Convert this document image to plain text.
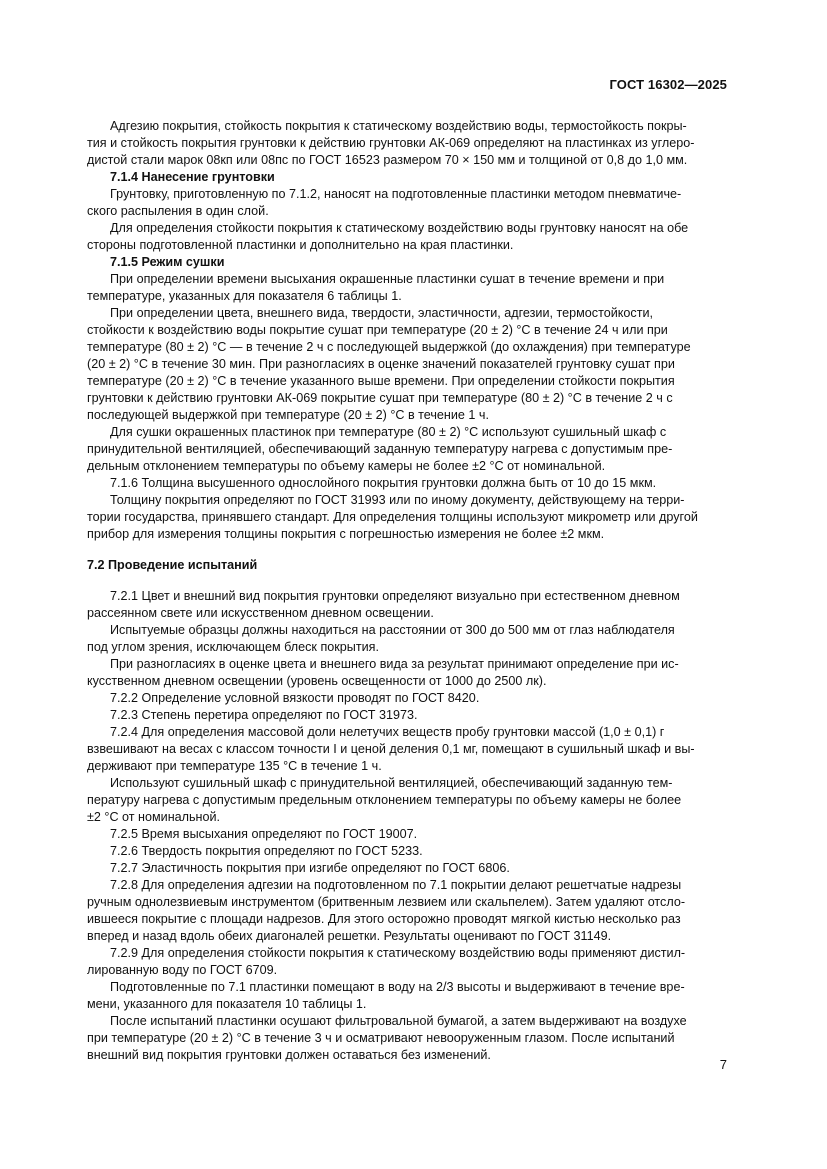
ГОСТ 16302—2025

Адгезию покрытия, стойкость покрытия к статическому воздействию воды, термостойкость покры-
тия и стойкость покрытия грунтовки к действию грунтовки АК-069 определяют на пластинках из углеро-
дистой стали марок 08кп или 08пс по ГОСТ 16523 размером 70 × 150 мм и толщиной от 0,8 до 1,0 мм.

7.1.4 Нанесение грунтовки

Грунтовку, приготовленную по 7.1.2, наносят на подготовленные пластинки методом пневматиче-
ского распыления в один слой.

Для определения стойкости покрытия к статическому воздействию воды грунтовку наносят на обе
стороны подготовленной пластинки и дополнительно на края пластинки.

7.1.5 Режим сушки

При определении времени высыхания окрашенные пластинки сушат в течение времени и при
температуре, указанных для показателя 6 таблицы 1.

При определении цвета, внешнего вида, твердости, эластичности, адгезии, термостойкости,
стойкости к воздействию воды покрытие сушат при температуре (20 ± 2) °С в течение 24 ч или при
температуре (80 ± 2) °С — в течение 2 ч с последующей выдержкой (до охлаждения) при температуре
(20 ± 2) °С в течение 30 мин. При разногласиях в оценке значений показателей грунтовку сушат при
температуре (20 ± 2) °С в течение указанного выше времени. При определении стойкости покрытия
грунтовки к действию грунтовки АК-069 покрытие сушат при температуре (80 ± 2) °С в течение 2 ч с
последующей выдержкой при температуре (20 ± 2) °С в течение 1 ч.

Для сушки окрашенных пластинок при температуре (80 ± 2) °С используют сушильный шкаф с
принудительной вентиляцией, обеспечивающий заданную температуру нагрева с допустимым пре-
дельным отклонением температуры по объему камеры не более ±2 °С от номинальной.

7.1.6 Толщина высушенного однослойного покрытия грунтовки должна быть от 10 до 15 мкм.

Толщину покрытия определяют по ГОСТ 31993 или по иному документу, действующему на терри-
тории государства, принявшего стандарт. Для определения толщины используют микрометр или другой
прибор для измерения толщины покрытия с погрешностью измерения не более ±2 мкм.

7.2 Проведение испытаний

7.2.1 Цвет и внешний вид покрытия грунтовки определяют визуально при естественном дневном
рассеянном свете или искусственном дневном освещении.

Испытуемые образцы должны находиться на расстоянии от 300 до 500 мм от глаз наблюдателя
под углом зрения, исключающем блеск покрытия.

При разногласиях в оценке цвета и внешнего вида за результат принимают определение при ис-
кусственном дневном освещении (уровень освещенности от 1000 до 2500 лк).

7.2.2 Определение условной вязкости проводят по ГОСТ 8420.

7.2.3 Степень перетира определяют по ГОСТ 31973.

7.2.4 Для определения массовой доли нелетучих веществ пробу грунтовки массой (1,0 ± 0,1) г
взвешивают на весах с классом точности I и ценой деления 0,1 мг, помещают в сушильный шкаф и вы-
держивают при температуре 135 °С в течение 1 ч.

Используют сушильный шкаф с принудительной вентиляцией, обеспечивающий заданную тем-
пературу нагрева с допустимым предельным отклонением температуры по объему камеры не более
±2 °С от номинальной.

7.2.5 Время высыхания определяют по ГОСТ 19007.

7.2.6 Твердость покрытия определяют по ГОСТ 5233.

7.2.7 Эластичность покрытия при изгибе определяют по ГОСТ 6806.

7.2.8 Для определения адгезии на подготовленном по 7.1 покрытии делают решетчатые надрезы
ручным однолезвиевым инструментом (бритвенным лезвием или скальпелем). Затем удаляют отсло-
ившееся покрытие с площади надрезов. Для этого осторожно проводят мягкой кистью несколько раз
вперед и назад вдоль обеих диагоналей решетки. Результаты оценивают по ГОСТ 31149.

7.2.9 Для определения стойкости покрытия к статическому воздействию воды применяют дистил-
лированную воду по ГОСТ 6709.

Подготовленные по 7.1 пластинки помещают в воду на 2/3 высоты и выдерживают в течение вре-
мени, указанного для показателя 10 таблицы 1.

После испытаний пластинки осушают фильтровальной бумагой, а затем выдерживают на воздухе
при температуре (20 ± 2) °С в течение 3 ч и осматривают невооруженным глазом. После испытаний
внешний вид покрытия грунтовки должен оставаться без изменений.

7
